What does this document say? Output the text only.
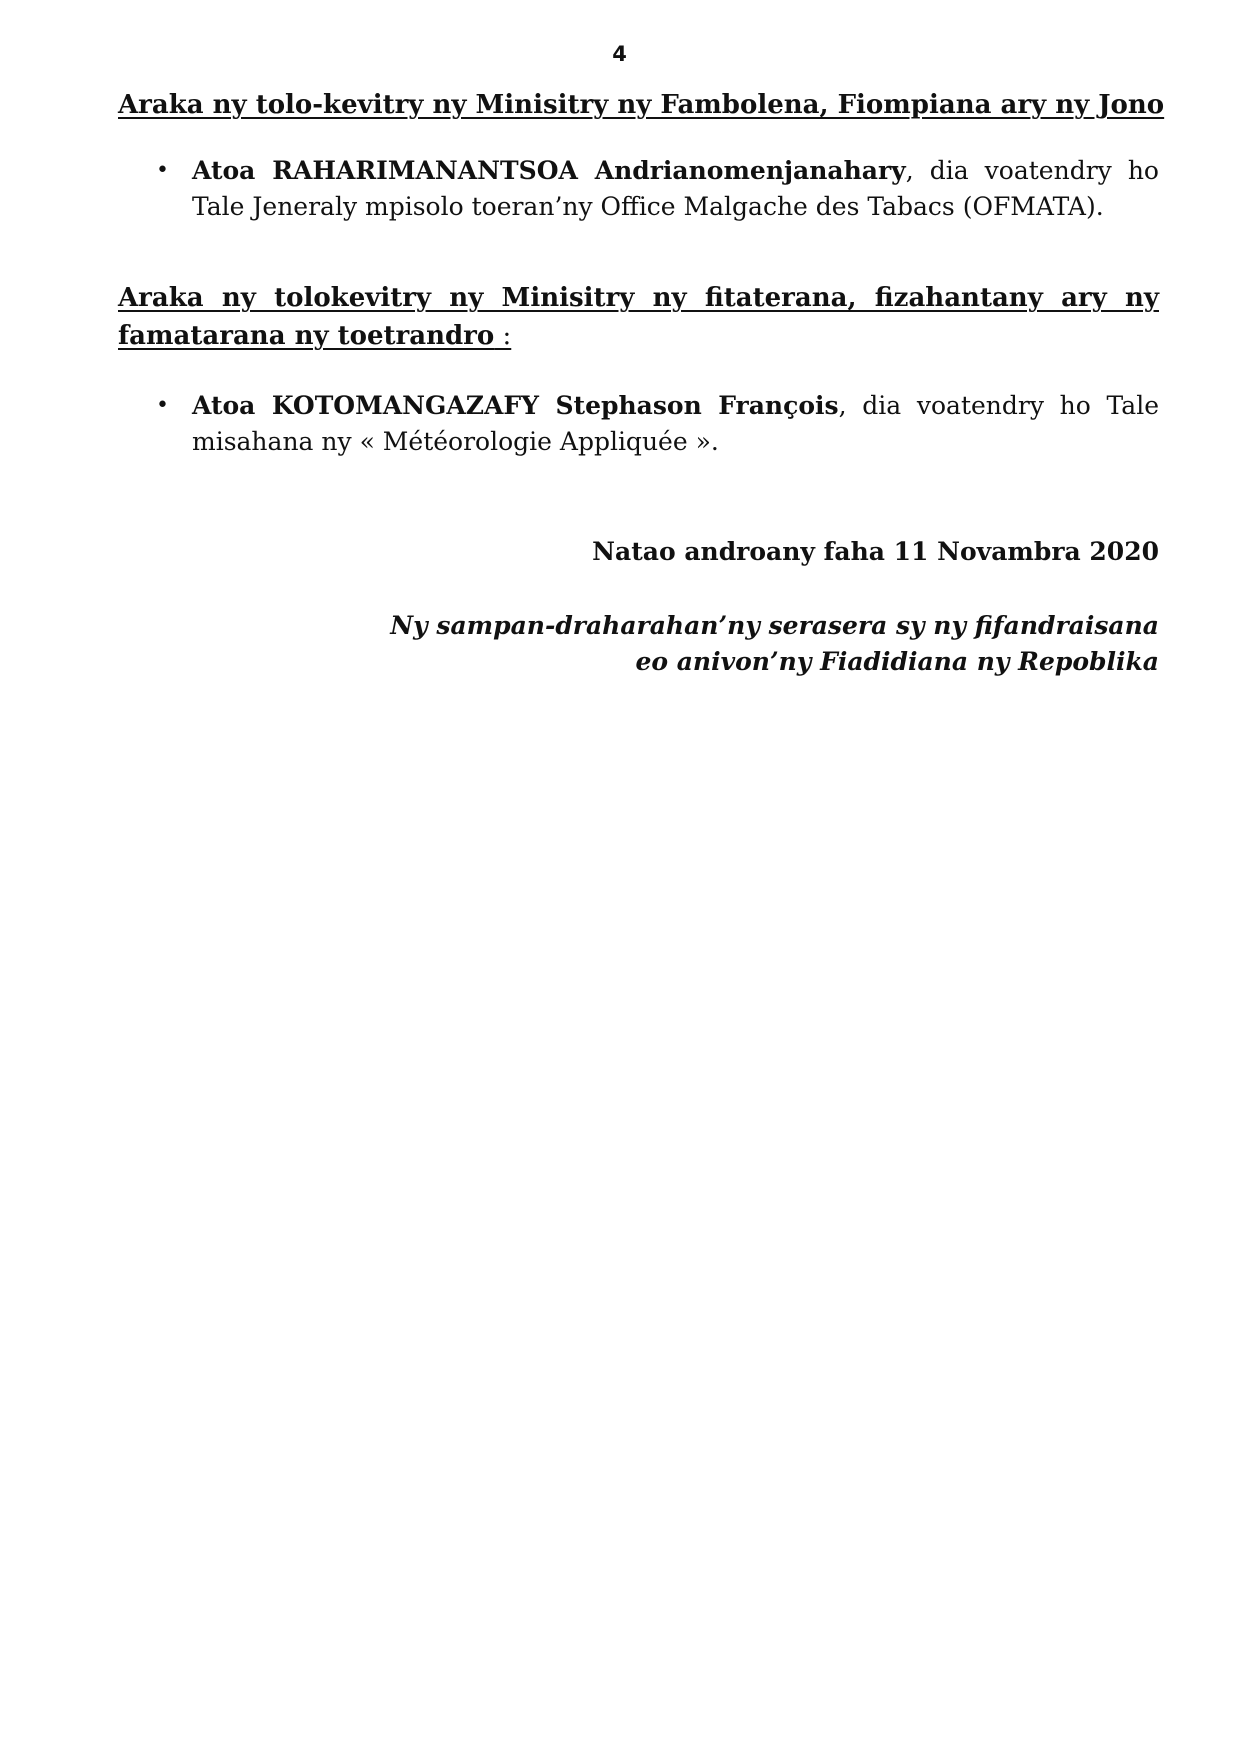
4

Araka ny tolo-kevitry ny Minisitry ny Fambolena, Fiompiana ary ny Jono

• Atoa RAHARIMANANTSOA Andrianomenjanahary, dia voatendry ho
Tale Jeneraly mpisolo toeran’ny Office Malgache des Tabacs (OFMATA).

Araka ny tolokevitry ny Minisitry ny fitaterana, fizahantany ary ny
famatarana ny toetrandro :

• Atoa KOTOMANGAZAFY Stephason François, dia voatendry ho Tale
misahana ny « Météorologie Appliquée ».
Natao androany faha 11 Novambra 2020
Ny sampan-draharahan’ny serasera sy ny fifandraisana
eo anivon’ny Fiadidiana ny Repoblika
